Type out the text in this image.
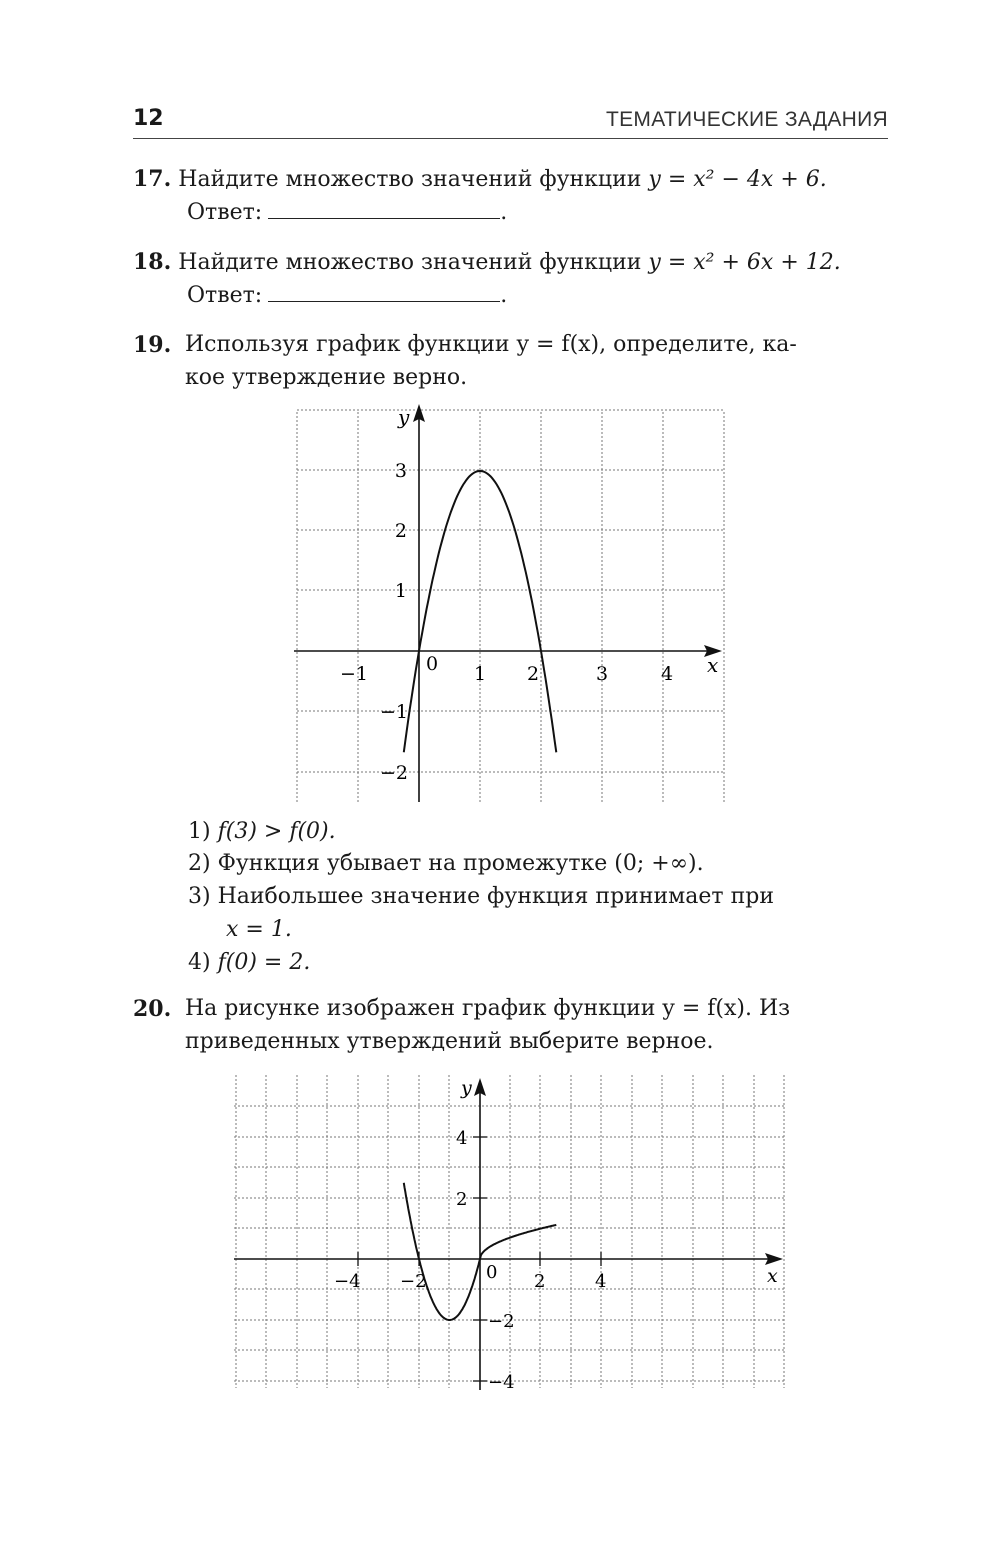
12	ТЕМАТИЧЕСКИЕ ЗАДАНИЯ
17. Найдите множество значений функции y = x² − 4x + 6.
Ответ:	.
18. Найдите множество значений функции y = x² + 6x + 12.
Ответ:	.
19. Используя график функции y = f(x), определите, ка-
кое утверждение верно.
y
x
−1	0 1 2	3	4
3
2
1
−1
−2
1) f(3) > f(0).
2) Функция убывает на промежутке (0; +∞).
3) Наибольшее значение функция принимает при
x = 1.
4) f(0) = 2.
20. На рисунке изображен график функции y = f(x). Из
приведенных утверждений выберите верное.
y
x
−4 −2	0 2	4
4
2
−2
−4
